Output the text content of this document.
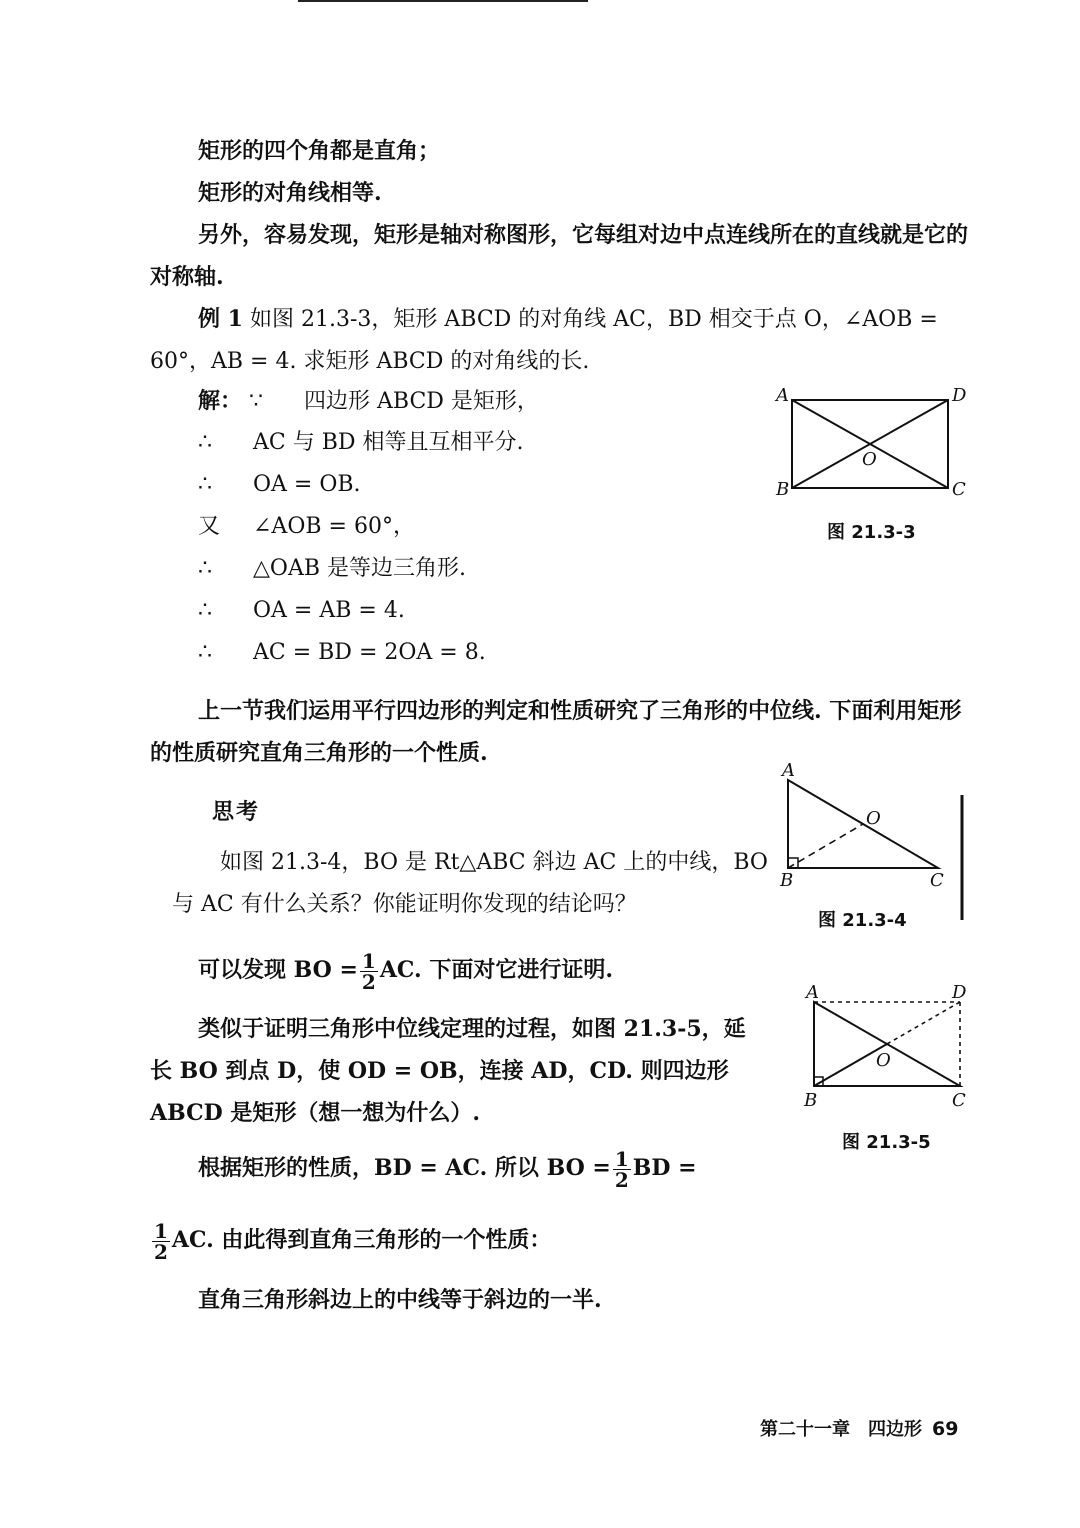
矩形的四个角都是直角；
矩形的对角线相等.
另外，容易发现，矩形是轴对称图形，它每组对边中点连线所在的直线就是它的对称轴.
例 1 如图 21.3-3，矩形 ABCD 的对角线 AC，BD 相交于点 O，∠AOB = 60°，AB = 4. 求矩形 ABCD 的对角线的长.
解： ∵ 四边形 ABCD 是矩形，
∴ AC 与 BD 相等且互相平分.
∴ OA = OB.
又 ∠AOB = 60°，
∴ △OAB 是等边三角形.
∴ OA = AB = 4.
∴ AC = BD = 2OA = 8.
A	D
B	C
O
图 21.3-3
上一节我们运用平行四边形的判定和性质研究了三角形的中位线. 下面利用矩形的性质研究直角三角形的一个性质.
思考
如图 21.3-4，BO 是 Rt△ABC 斜边 AC 上的中线，BO 与 AC 有什么关系？你能证明你发现的结论吗？
A
B	C
O
图 21.3-4
可以发现 BO = $\frac{1}{2}$ AC. 下面对它进行证明.
类似于证明三角形中位线定理的过程，如图 21.3-5，延长 BO 到点 D，使 OD = OB，连接 AD，CD. 则四边形 ABCD 是矩形（想一想为什么）.
A	D
B	C
O
图 21.3-5
根据矩形的性质，BD = AC. 所以 BO = $\frac{1}{2}$ BD =
$\frac{1}{2}$ AC. 由此得到直角三角形的一个性质：
直角三角形斜边上的中线等于斜边的一半.
第二十一章　四边形 69
